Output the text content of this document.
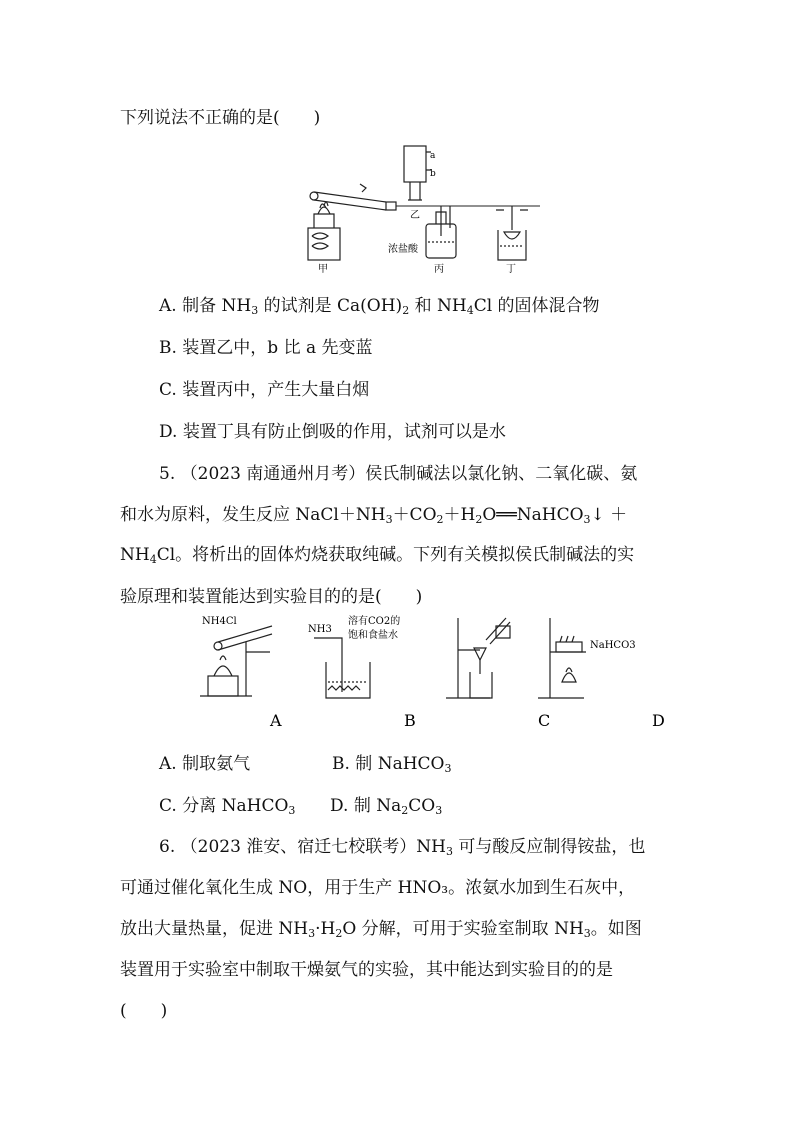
下列说法不正确的是(　　)
a
b
乙
甲
浓盐酸
丙	丁
A. 制备 $NH_3$ 的试剂是 $Ca(OH)_2$ 和 $NH_4Cl$ 的固体混合物
B. 装置乙中，b 比 a 先变蓝
C. 装置丙中，产生大量白烟
D. 装置丁具有防止倒吸的作用，试剂可以是水
5. （2023 南通通州月考）侯氏制碱法以氯化钠、二氧化碳、氨
和水为原料，发生反应 $NaCl+NH_3+CO_2+H_2O══NaHCO_3↓$ ＋
$NH_4Cl$。将析出的固体灼烧获取纯碱。下列有关模拟侯氏制碱法的实
验原理和装置能达到实验目的的是(　　)
NH4Cl
NH3
溶有CO2的
饱和食盐水
NaHCO3
A	B	C	D
A. 制取氨气	B. 制 NaHCO$_3$
C. 分离 NaHCO$_3$ D. 制 $Na_2CO_3$
6. （2023 淮安、宿迁七校联考）$NH_3$ 可与酸反应制得铵盐，也
可通过催化氧化生成 NO，用于生产 HNO₃。浓氨水加到生石灰中，
放出大量热量，促进 $NH_3\cdot H_2O$ 分解，可用于实验室制取 $NH_3$。如图
装置用于实验室中制取干燥氨气的实验，其中能达到实验目的的是
(　　)
